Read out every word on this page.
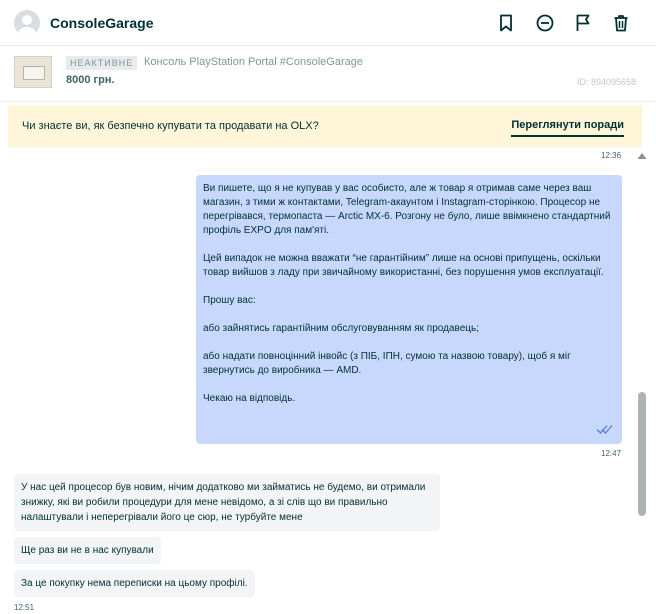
ConsoleGarage
НЕАКТИВНЕ Консоль PlayStation Portal #ConsoleGarage
8000 грн.	ID: 894095658
Чи знаєте ви, як безпечно купувати та продавати на OLX?	Переглянути поради
12:36

Ви пишете, що я не купував у вас особисто, але ж товар я отримав саме через ваш магазин, з тими ж контактами, Telegram-акаунтом і Instagram-сторінкою. Процесор не перегрівався, термопаста — Arctic MX-6. Розгону не було, лише ввімкнено стандартний профіль EXPO для пам'яті.

Цей випадок не можна вважати “не гарантійним” лише на основі припущень, оскільки товар вийшов з ладу при звичайному використанні, без порушення умов експлуатації.

Прошу вас:

або зайнятись гарантійним обслуговуванням як продавець;

або надати повноцінний інвойс (з ПІБ, ІПН, сумою та назвою товару), щоб я міг звернутись до виробника — AMD.

Чекаю на відповідь.

12:47
У нас цей процесор був новим, нічим додатково ми займатись не будемо, ви отримали знижку, які ви робили процедури для мене невідомо, а зі слів що ви правильно налаштували і неперегрівали його це сюр, не турбуйте мене
Ще раз ви не в нас купували
За це покупку нема переписки на цьому профілі.
12:51
